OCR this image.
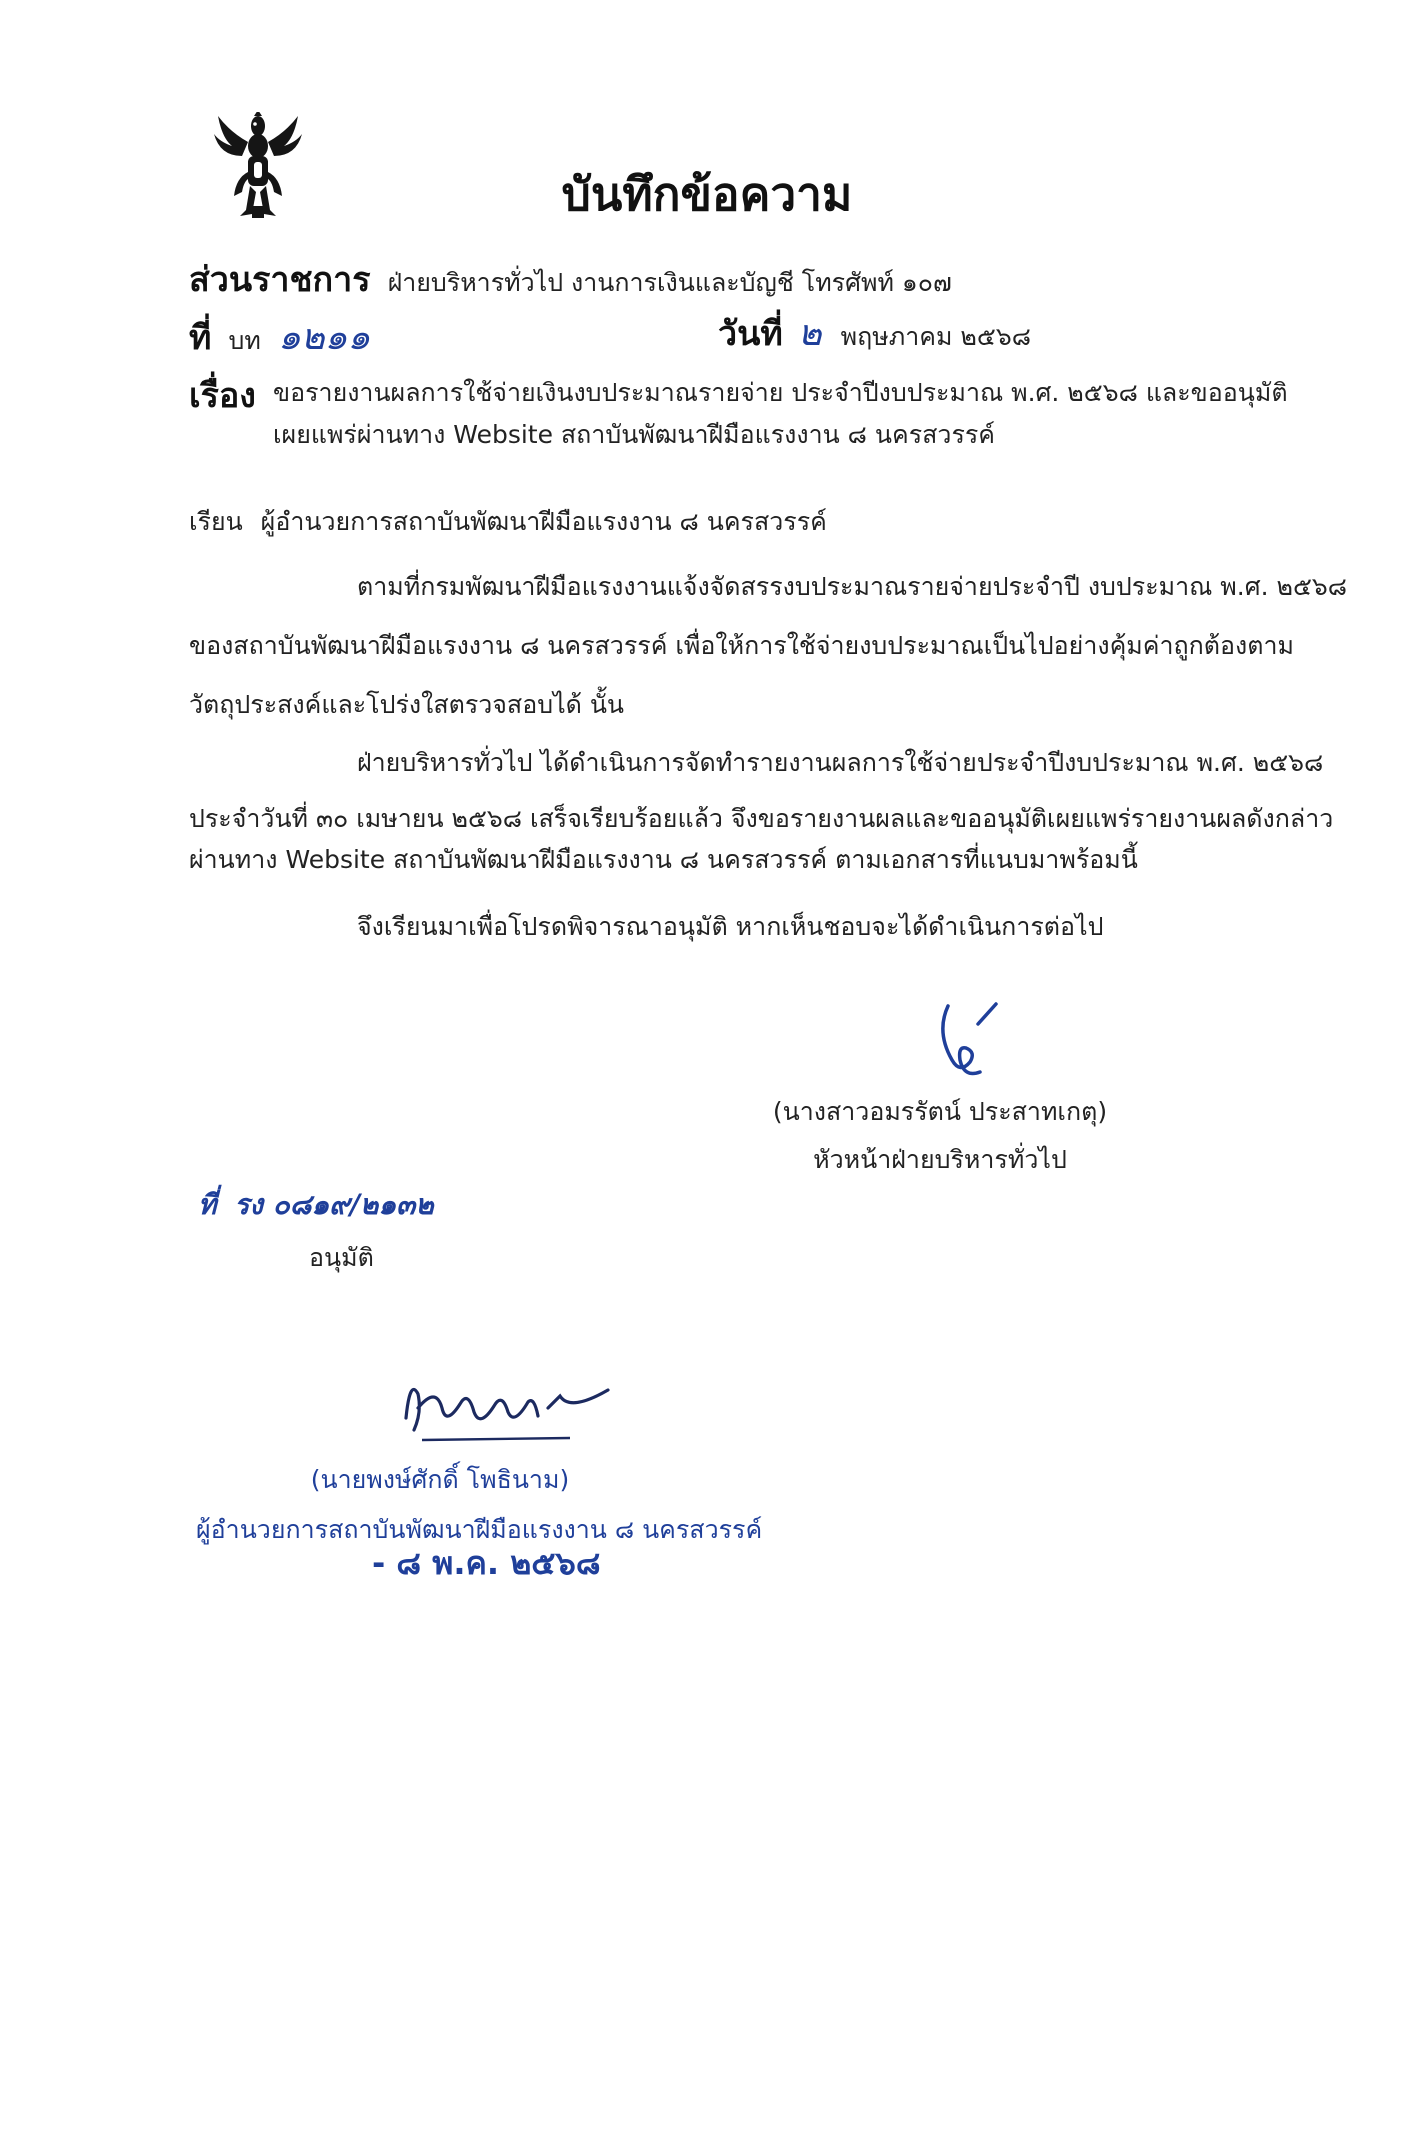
บันทึกข้อความ
ส่วนราชการ ฝ่ายบริหารทั่วไป งานการเงินและบัญชี โทรศัพท์ ๑๐๗
ที่ บท ๑๒๑๑	วันที่ ๒ พฤษภาคม ๒๕๖๘
เรื่อง ขอรายงานผลการใช้จ่ายเงินงบประมาณรายจ่าย ประจำปีงบประมาณ พ.ศ. ๒๕๖๘ และขออนุมัติ
เผยแพร่ผ่านทาง Website สถาบันพัฒนาฝีมือแรงงาน ๘ นครสวรรค์
เรียน ผู้อำนวยการสถาบันพัฒนาฝีมือแรงงาน ๘ นครสวรรค์
ตามที่กรมพัฒนาฝีมือแรงงานแจ้งจัดสรรงบประมาณรายจ่ายประจำปี งบประมาณ พ.ศ. ๒๕๖๘
ของสถาบันพัฒนาฝีมือแรงงาน ๘ นครสวรรค์ เพื่อให้การใช้จ่ายงบประมาณเป็นไปอย่างคุ้มค่าถูกต้องตาม
วัตถุประสงค์และโปร่งใสตรวจสอบได้ นั้น
ฝ่ายบริหารทั่วไป ได้ดำเนินการจัดทำรายงานผลการใช้จ่ายประจำปีงบประมาณ พ.ศ. ๒๕๖๘
ประจำวันที่ ๓๐ เมษายน ๒๕๖๘ เสร็จเรียบร้อยแล้ว จึงขอรายงานผลและขออนุมัติเผยแพร่รายงานผลดังกล่าว
ผ่านทาง Website สถาบันพัฒนาฝีมือแรงงาน ๘ นครสวรรค์ ตามเอกสารที่แนบมาพร้อมนี้
จึงเรียนมาเพื่อโปรดพิจารณาอนุมัติ หากเห็นชอบจะได้ดำเนินการต่อไป
(นางสาวอมรรัตน์ ประสาทเกตุ)
หัวหน้าฝ่ายบริหารทั่วไป
ที่ รง ๐๘๑๙/๒๑๓๒
อนุมัติ
(นายพงษ์ศักดิ์ โพธินาม)
ผู้อำนวยการสถาบันพัฒนาฝีมือแรงงาน ๘ นครสวรรค์
- ๘ พ.ค. ๒๕๖๘
